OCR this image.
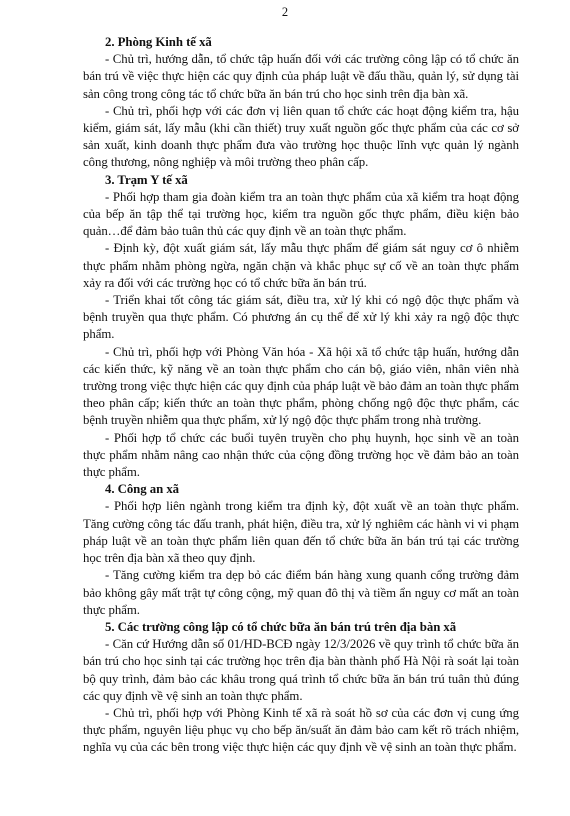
2
2. Phòng Kinh tế xã

- Chủ trì, hướng dẫn, tổ chức tập huấn đối với các trường công lập có tổ chức ăn bán trú về việc thực hiện các quy định của pháp luật về đấu thầu, quản lý, sử dụng tài sản công trong công tác tổ chức bữa ăn bán trú cho học sinh trên địa bàn xã.

- Chủ trì, phối hợp với các đơn vị liên quan tổ chức các hoạt động kiểm tra, hậu kiểm, giám sát, lấy mẫu (khi cần thiết) truy xuất nguồn gốc thực phẩm của các cơ sở sản xuất, kinh doanh thực phẩm đưa vào trường học thuộc lĩnh vực quản lý ngành công thương, nông nghiệp và môi trường theo phân cấp.

3. Trạm Y tế xã

- Phối hợp tham gia đoàn kiểm tra an toàn thực phẩm của xã kiểm tra hoạt động của bếp ăn tập thể tại trường học, kiểm tra nguồn gốc thực phẩm, điều kiện bảo quản…để đảm bảo tuân thủ các quy định về an toàn thực phẩm.

- Định kỳ, đột xuất giám sát, lấy mẫu thực phẩm để giám sát nguy cơ ô nhiễm thực phẩm nhằm phòng ngừa, ngăn chặn và khắc phục sự cố về an toàn thực phẩm xảy ra đối với các trường học có tổ chức bữa ăn bán trú.

- Triển khai tốt công tác giám sát, điều tra, xử lý khi có ngộ độc thực phẩm và bệnh truyền qua thực phẩm. Có phương án cụ thể để xử lý khi xảy ra ngộ độc thực phẩm.

- Chủ trì, phối hợp với Phòng Văn hóa - Xã hội xã tổ chức tập huấn, hướng dẫn các kiến thức, kỹ năng về an toàn thực phẩm cho cán bộ, giáo viên, nhân viên nhà trường trong việc thực hiện các quy định của pháp luật về bảo đảm an toàn thực phẩm theo phân cấp; kiến thức an toàn thực phẩm, phòng chống ngộ độc thực phẩm, các bệnh truyền nhiễm qua thực phẩm, xử lý ngộ độc thực phẩm trong nhà trường.

- Phối hợp tổ chức các buổi tuyên truyền cho phụ huynh, học sinh về an toàn thực phẩm nhằm nâng cao nhận thức của cộng đồng trường học về đảm bảo an toàn thực phẩm.

4. Công an xã

- Phối hợp liên ngành trong kiểm tra định kỳ, đột xuất về an toàn thực phẩm. Tăng cường công tác đấu tranh, phát hiện, điều tra, xử lý nghiêm các hành vi vi phạm pháp luật về an toàn thực phẩm liên quan đến tổ chức bữa ăn bán trú tại các trường học trên địa bàn xã theo quy định.

- Tăng cường kiểm tra dẹp bỏ các điểm bán hàng xung quanh cổng trường đảm bảo không gây mất trật tự công cộng, mỹ quan đô thị và tiềm ẩn nguy cơ mất an toàn thực phẩm.

5. Các trường công lập có tổ chức bữa ăn bán trú trên địa bàn xã

- Căn cứ Hướng dẫn số 01/HD-BCĐ ngày 12/3/2026 về quy trình tổ chức bữa ăn bán trú cho học sinh tại các trường học trên địa bàn thành phố Hà Nội rà soát lại toàn bộ quy trình, đảm bảo các khâu trong quá trình tổ chức bữa ăn bán trú tuân thủ đúng các quy định về vệ sinh an toàn thực phẩm.

- Chủ trì, phối hợp với Phòng Kinh tế xã rà soát hồ sơ của các đơn vị cung ứng thực phẩm, nguyên liệu phục vụ cho bếp ăn/suất ăn đảm bảo cam kết rõ trách nhiệm, nghĩa vụ của các bên trong việc thực hiện các quy định về vệ sinh an toàn thực phẩm.
